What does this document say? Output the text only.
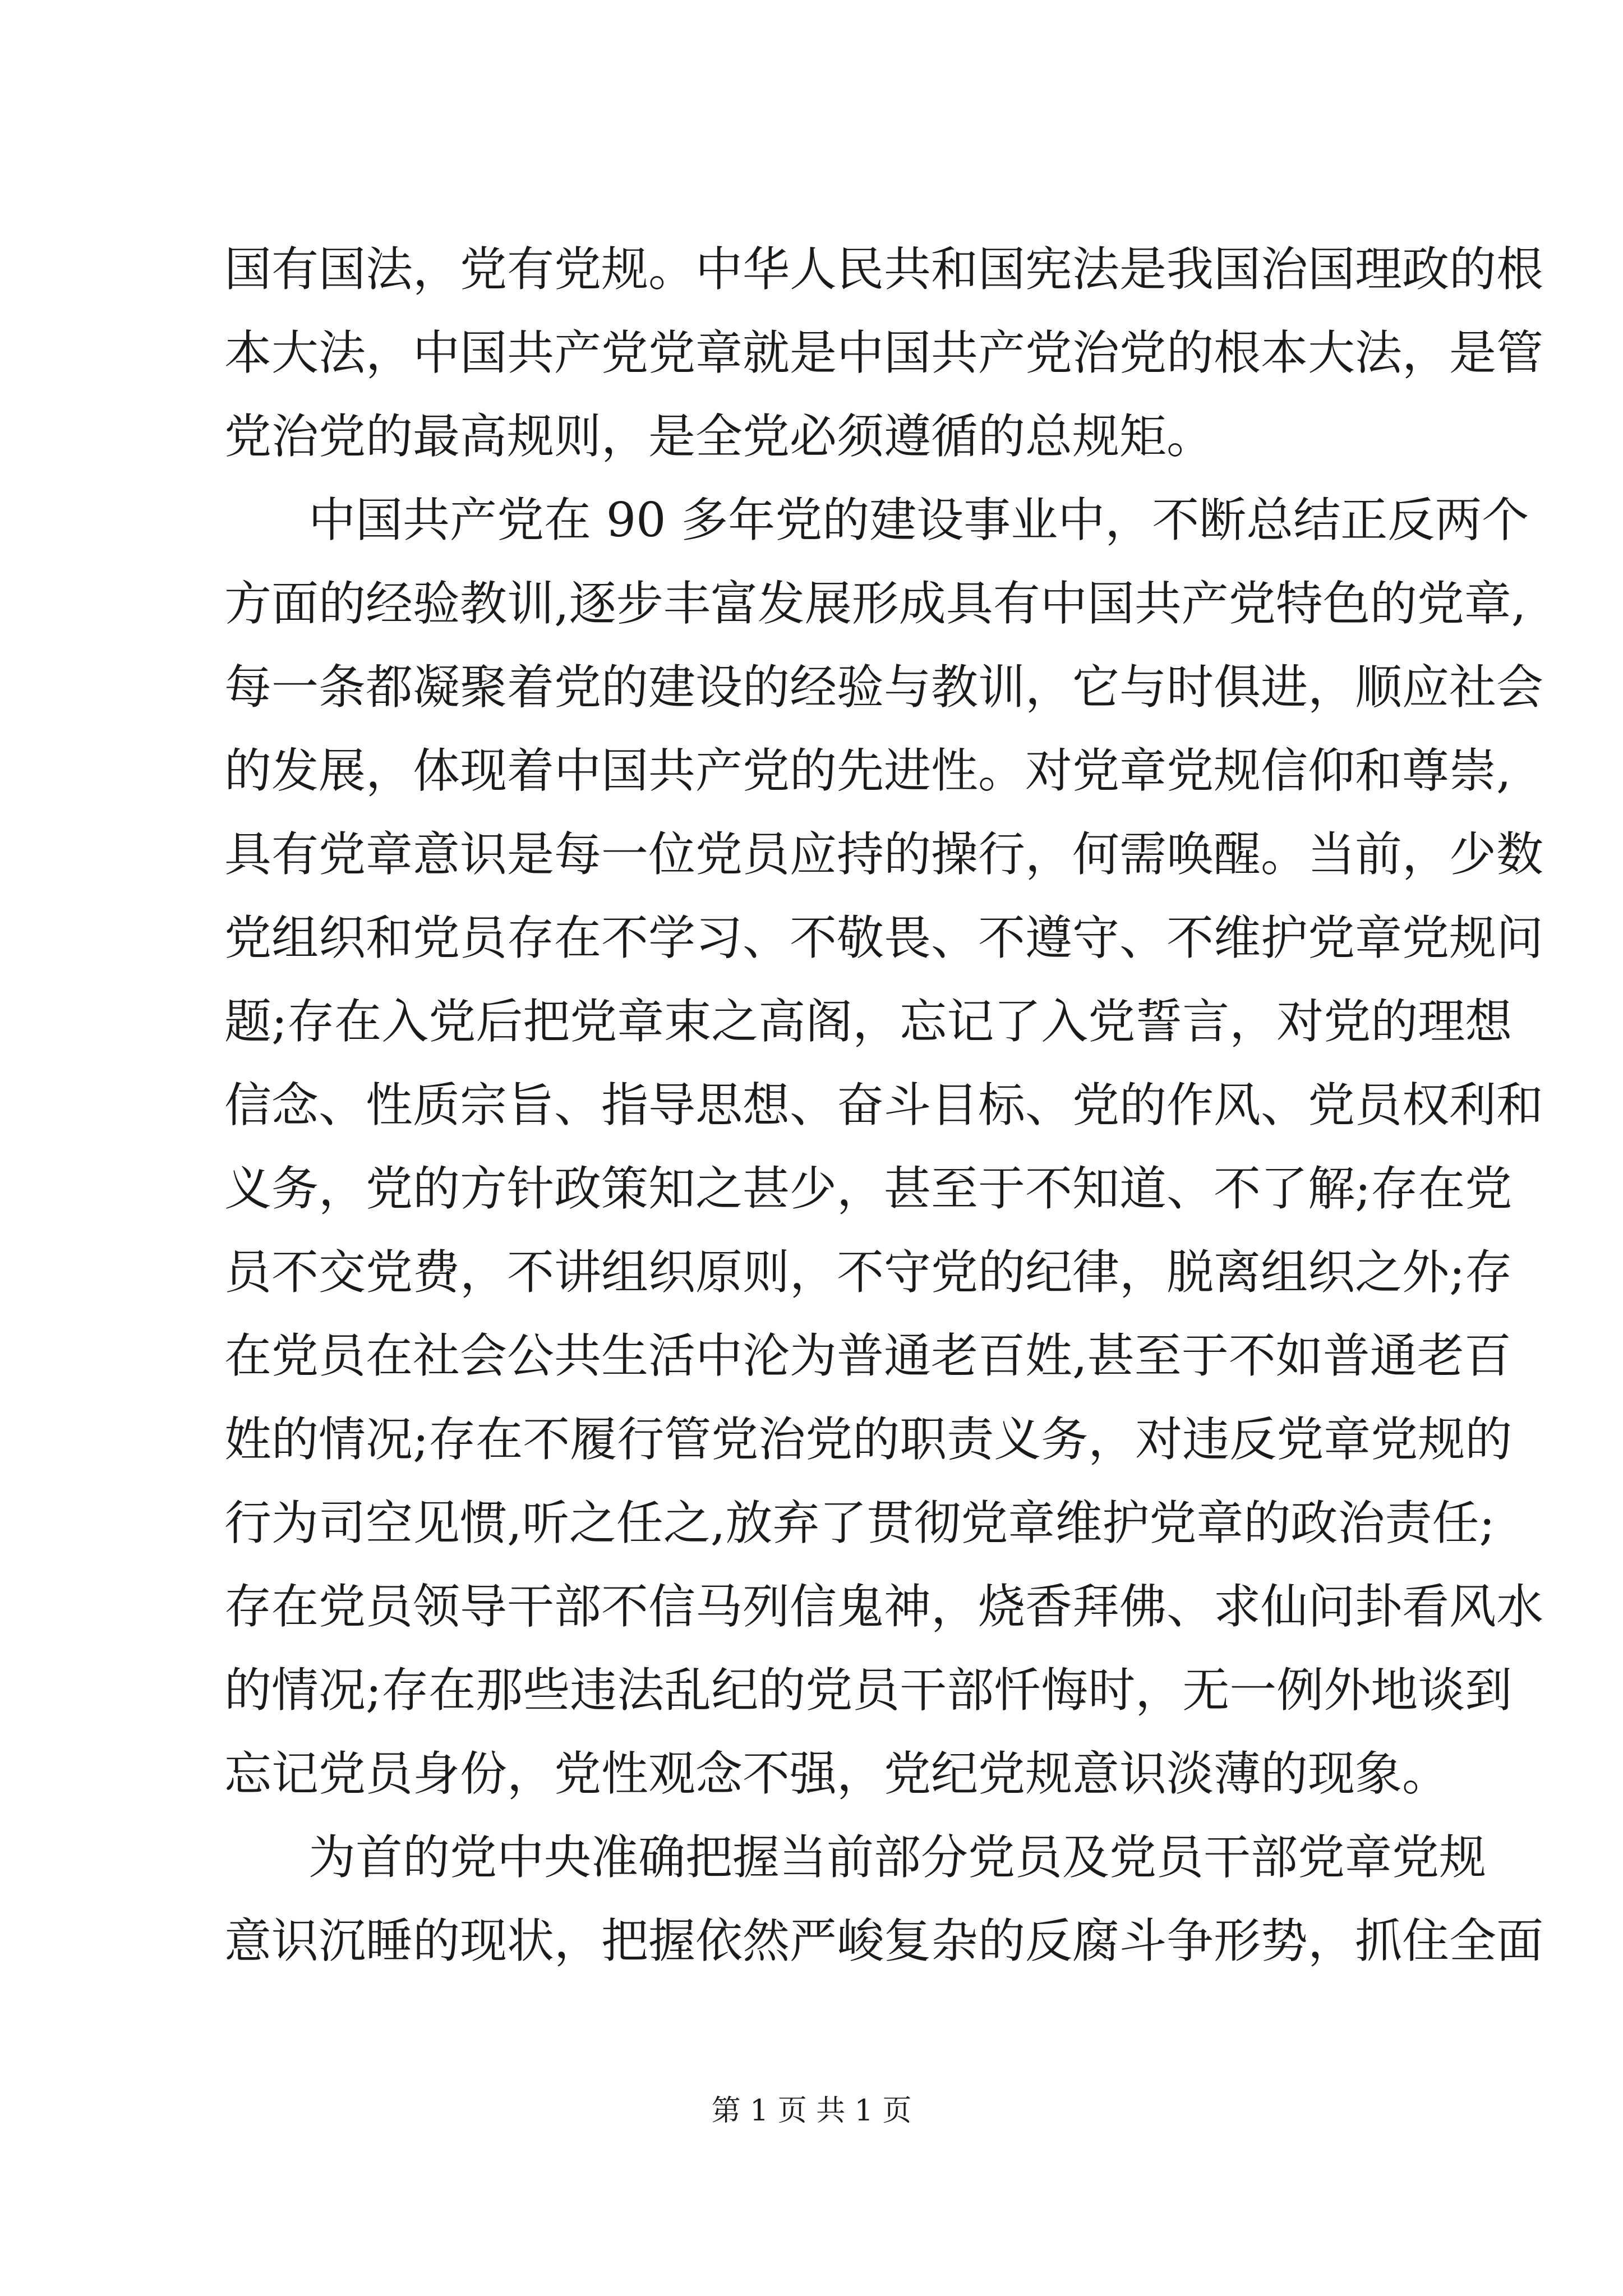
国有国法，党有党规。中华人民共和国宪法是我国治国理政的根

本大法，中国共产党党章就是中国共产党治党的根本大法，是管

党治党的最高规则，是全党必须遵循的总规矩。

中国共产党在 90 多年党的建设事业中，不断总结正反两个

方面的经验教训,逐步丰富发展形成具有中国共产党特色的党章,

每一条都凝聚着党的建设的经验与教训，它与时俱进，顺应社会

的发展，体现着中国共产党的先进性。对党章党规信仰和尊崇,

具有党章意识是每一位党员应持的操行，何需唤醒。当前，少数

党组织和党员存在不学习、不敬畏、不遵守、不维护党章党规问

题;存在入党后把党章束之高阁，忘记了入党誓言，对党的理想

信念、性质宗旨、指导思想、奋斗目标、党的作风、党员权利和

义务，党的方针政策知之甚少，甚至于不知道、不了解;存在党

员不交党费，不讲组织原则，不守党的纪律，脱离组织之外;存

在党员在社会公共生活中沦为普通老百姓,甚至于不如普通老百

姓的情况;存在不履行管党治党的职责义务，对违反党章党规的

行为司空见惯,听之任之,放弃了贯彻党章维护党章的政治责任;

存在党员领导干部不信马列信鬼神，烧香拜佛、求仙问卦看风水

的情况;存在那些违法乱纪的党员干部忏悔时，无一例外地谈到

忘记党员身份，党性观念不强，党纪党规意识淡薄的现象。

为首的党中央准确把握当前部分党员及党员干部党章党规

意识沉睡的现状，把握依然严峻复杂的反腐斗争形势，抓住全面

第 1 页 共 1 页
